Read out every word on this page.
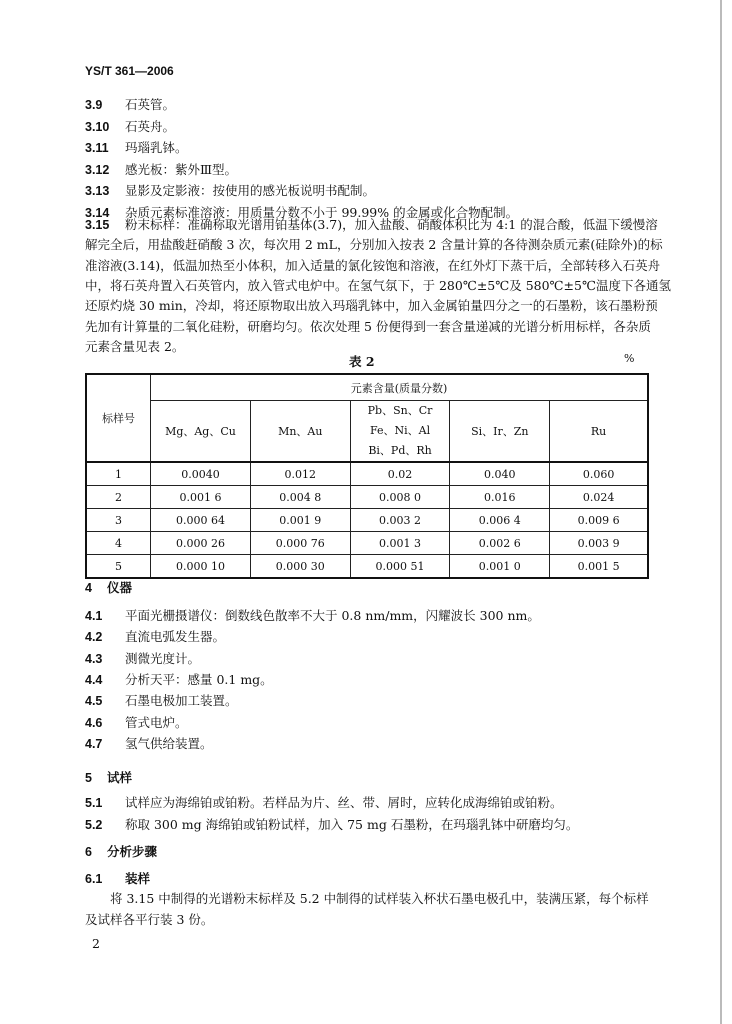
YS/T 361—2006
表 2	%
标样号	元素含量(质量分数)				
	Mg、Ag、Cu	Mn、Au	Pb、Sn、Cr
Fe、Ni、Al
Bi、Pd、Rh	Si、Ir、Zn	Ru
1	0.0040	0.012	0.02	0.040	0.060
2	0.001 6	0.004 8	0.008 0	0.016	0.024
3	0.000 64	0.001 9	0.003 2	0.006 4	0.009 6
4	0.000 26	0.000 76	0.001 3	0.002 6	0.003 9
5	0.000 10	0.000 30	0.000 51	0.001 0	0.001 5
2
3.9 石英管。
3.10 石英舟。
3.11 玛瑙乳钵。
3.12 感光板：紫外Ⅲ型。
3.13 显影及定影液：按使用的感光板说明书配制。
3.14 杂质元素标准溶液：用质量分数不小于 99.99% 的金属或化合物配制。
3.15 粉末标样：准确称取光谱用铂基体(3.7)，加入盐酸、硝酸体积比为 4:1 的混合酸，低温下缓慢溶
解完全后，用盐酸赶硝酸 3 次，每次用 2 mL，分别加入按表 2 含量计算的各待测杂质元素(硅除外)的标
准溶液(3.14)，低温加热至小体积，加入适量的氯化铵饱和溶液，在红外灯下蒸干后，全部转移入石英舟
中，将石英舟置入石英管内，放入管式电炉中。在氢气氛下，于 280℃±5℃及 580℃±5℃温度下各通氢
还原灼烧 30 min，冷却，将还原物取出放入玛瑙乳钵中，加入金属铂量四分之一的石墨粉，该石墨粉预
先加有计算量的二氧化硅粉，研磨均匀。依次处理 5 份便得到一套含量递减的光谱分析用标样，各杂质
元素含量见表 2。
4 仪器
4.1 平面光栅摄谱仪：倒数线色散率不大于 0.8 nm/mm，闪耀波长 300 nm。
4.2 直流电弧发生器。
4.3 测微光度计。
4.4 分析天平：感量 0.1 mg。
4.5 石墨电极加工装置。
4.6 管式电炉。
4.7 氢气供给装置。
5 试样
5.1 试样应为海绵铂或铂粉。若样品为片、丝、带、屑时，应转化成海绵铂或铂粉。
5.2 称取 300 mg 海绵铂或铂粉试样，加入 75 mg 石墨粉，在玛瑙乳钵中研磨均匀。
6 分析步骤
6.1 装样
将 3.15 中制得的光谱粉末标样及 5.2 中制得的试样装入杯状石墨电极孔中，装满压紧，每个标样
及试样各平行装 3 份。
